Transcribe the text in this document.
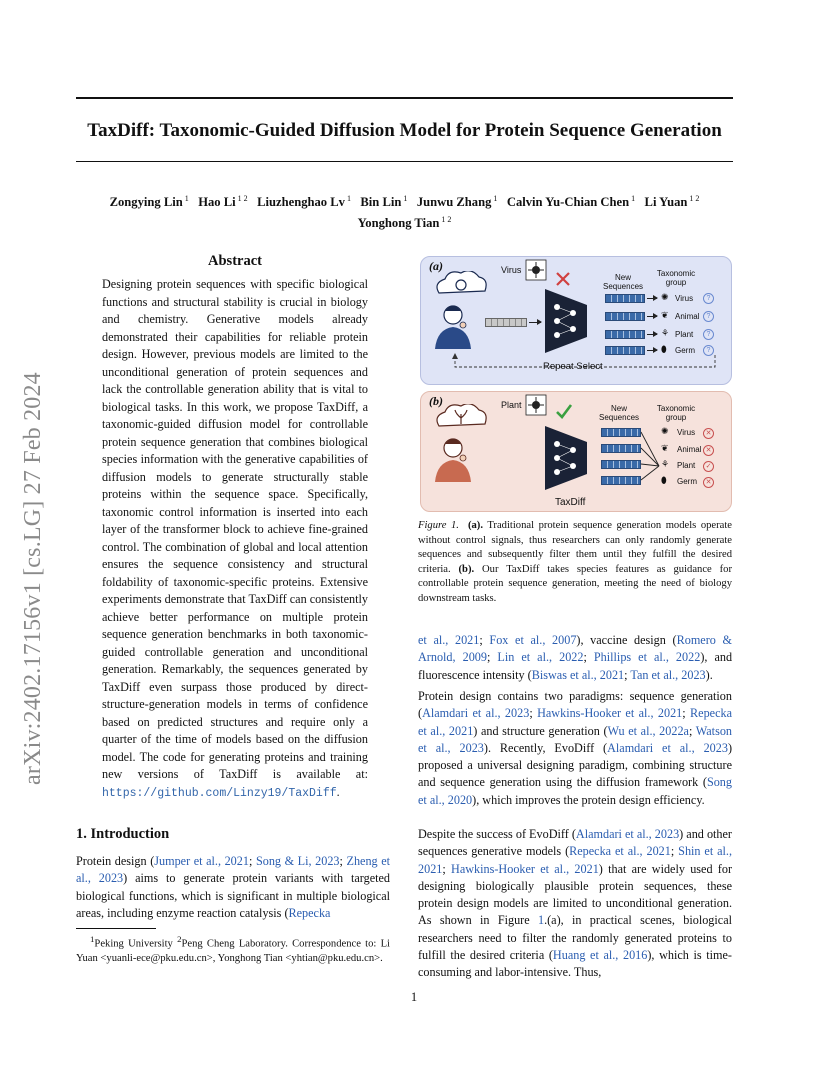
TaxDiff: Taxonomic-Guided Diffusion Model for Protein Sequence Generation
Zongying Lin $^1$ Hao Li $^{1 2}$ Liuzhenghao Lv $^1$ Bin Lin $^1$ Junwu Zhang $^1$ Calvin Yu-Chian Chen $^1$ Li Yuan $^{1 2}$
Yonghong Tian $^{1 2}$
arXiv:2402.17156v1 [cs.LG] 27 Feb 2024
Abstract
Designing protein sequences with specific biological functions and structural stability is crucial in biology and chemistry. Generative models already demonstrated their capabilities for reliable protein design. However, previous models are limited to the unconditional generation of protein sequences and lack the controllable generation ability that is vital to biological tasks. In this work, we propose TaxDiff, a taxonomic-guided diffusion model for controllable protein sequence generation that combines biological species information with the generative capabilities of diffusion models to generate structurally stable proteins within the sequence space. Specifically, taxonomic control information is inserted into each layer of the transformer block to achieve fine-grained control. The combination of global and local attention ensures the sequence consistency and structural foldability of taxonomic-specific proteins. Extensive experiments demonstrate that TaxDiff can consistently achieve better performance on multiple protein sequence generation benchmarks in both taxonomic-guided controllable generation and unconditional generation. Remarkably, the sequences generated by TaxDiff even surpass those produced by direct-structure-generation models in terms of confidence based on predicted structures and require only a quarter of the time of models based on the diffusion model. The code for generating proteins and training new versions of TaxDiff is available at: https://github.com/Linzy19/TaxDiff.
1. Introduction
Protein design (Jumper et al., 2021; Song & Li, 2023; Zheng et al., 2023) aims to generate protein variants with targeted biological functions, which is significant in multiple biological areas, including enzyme reaction catalysis (Repecka
$^1$Peking University $^2$Peng Cheng Laboratory. Correspondence to: Li Yuan <yuanli-ece@pku.edu.cn>, Yonghong Tian <yhtian@pku.edu.cn>.
1
(a)	Virus
New Sequences
Taxonomic group
✺
❦
⚘
⬮
Virus
Animal
Plant
Germ
?
?
?
?
Repeat Select
(b)	Plant	New Sequences
Taxonomic group
✺
❦
⚘
⬮
Virus
Animal
Plant
Germ
✕
✕
✓
✕
TaxDiff
Figure 1. (a). Traditional protein sequence generation models operate without control signals, thus researchers can only randomly generate sequences and subsequently filter them until they fulfill the desired criteria. (b). Our TaxDiff takes species features as guidance for controllable protein sequence generation, meeting the need of biology downstream tasks.
et al., 2021; Fox et al., 2007), vaccine design (Romero & Arnold, 2009; Lin et al., 2022; Phillips et al., 2022), and fluorescence intensity (Biswas et al., 2021; Tan et al., 2023).
Protein design contains two paradigms: sequence generation (Alamdari et al., 2023; Hawkins-Hooker et al., 2021; Repecka et al., 2021) and structure generation (Wu et al., 2022a; Watson et al., 2023). Recently, EvoDiff (Alamdari et al., 2023) proposed a universal designing paradigm, combining structure and sequence generation using the diffusion framework (Song et al., 2020), which improves the protein design efficiency.
Despite the success of EvoDiff (Alamdari et al., 2023) and other sequences generative models (Repecka et al., 2021; Shin et al., 2021; Hawkins-Hooker et al., 2021) that are widely used for designing biologically plausible protein sequences, these protein design models are limited to unconditional generation. As shown in Figure 1.(a), in practical scenes, biological researchers need to filter the randomly generated proteins to fulfill the desired criteria (Huang et al., 2016), which is time-consuming and labor-intensive. Thus,
